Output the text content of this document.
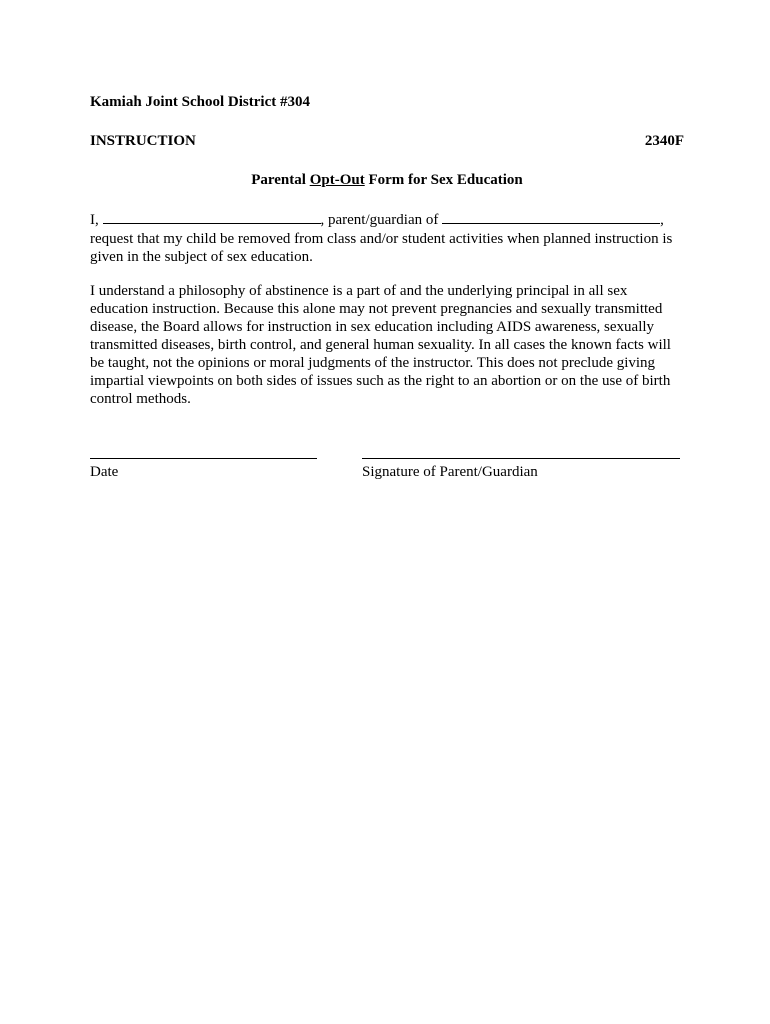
Kamiah Joint School District #304
INSTRUCTION	2340F
Parental Opt-Out Form for Sex Education
I,	, parent/guardian of	,
request that my child be removed from class and/or student activities when planned instruction is given in the subject of sex education.
I understand a philosophy of abstinence is a part of and the underlying principal in all sex education instruction. Because this alone may not prevent pregnancies and sexually transmitted disease, the Board allows for instruction in sex education including AIDS awareness, sexually transmitted diseases, birth control, and general human sexuality. In all cases the known facts will be taught, not the opinions or moral judgments of the instructor. This does not preclude giving impartial viewpoints on both sides of issues such as the right to an abortion or on the use of birth control methods.
Date	Signature of Parent/Guardian
